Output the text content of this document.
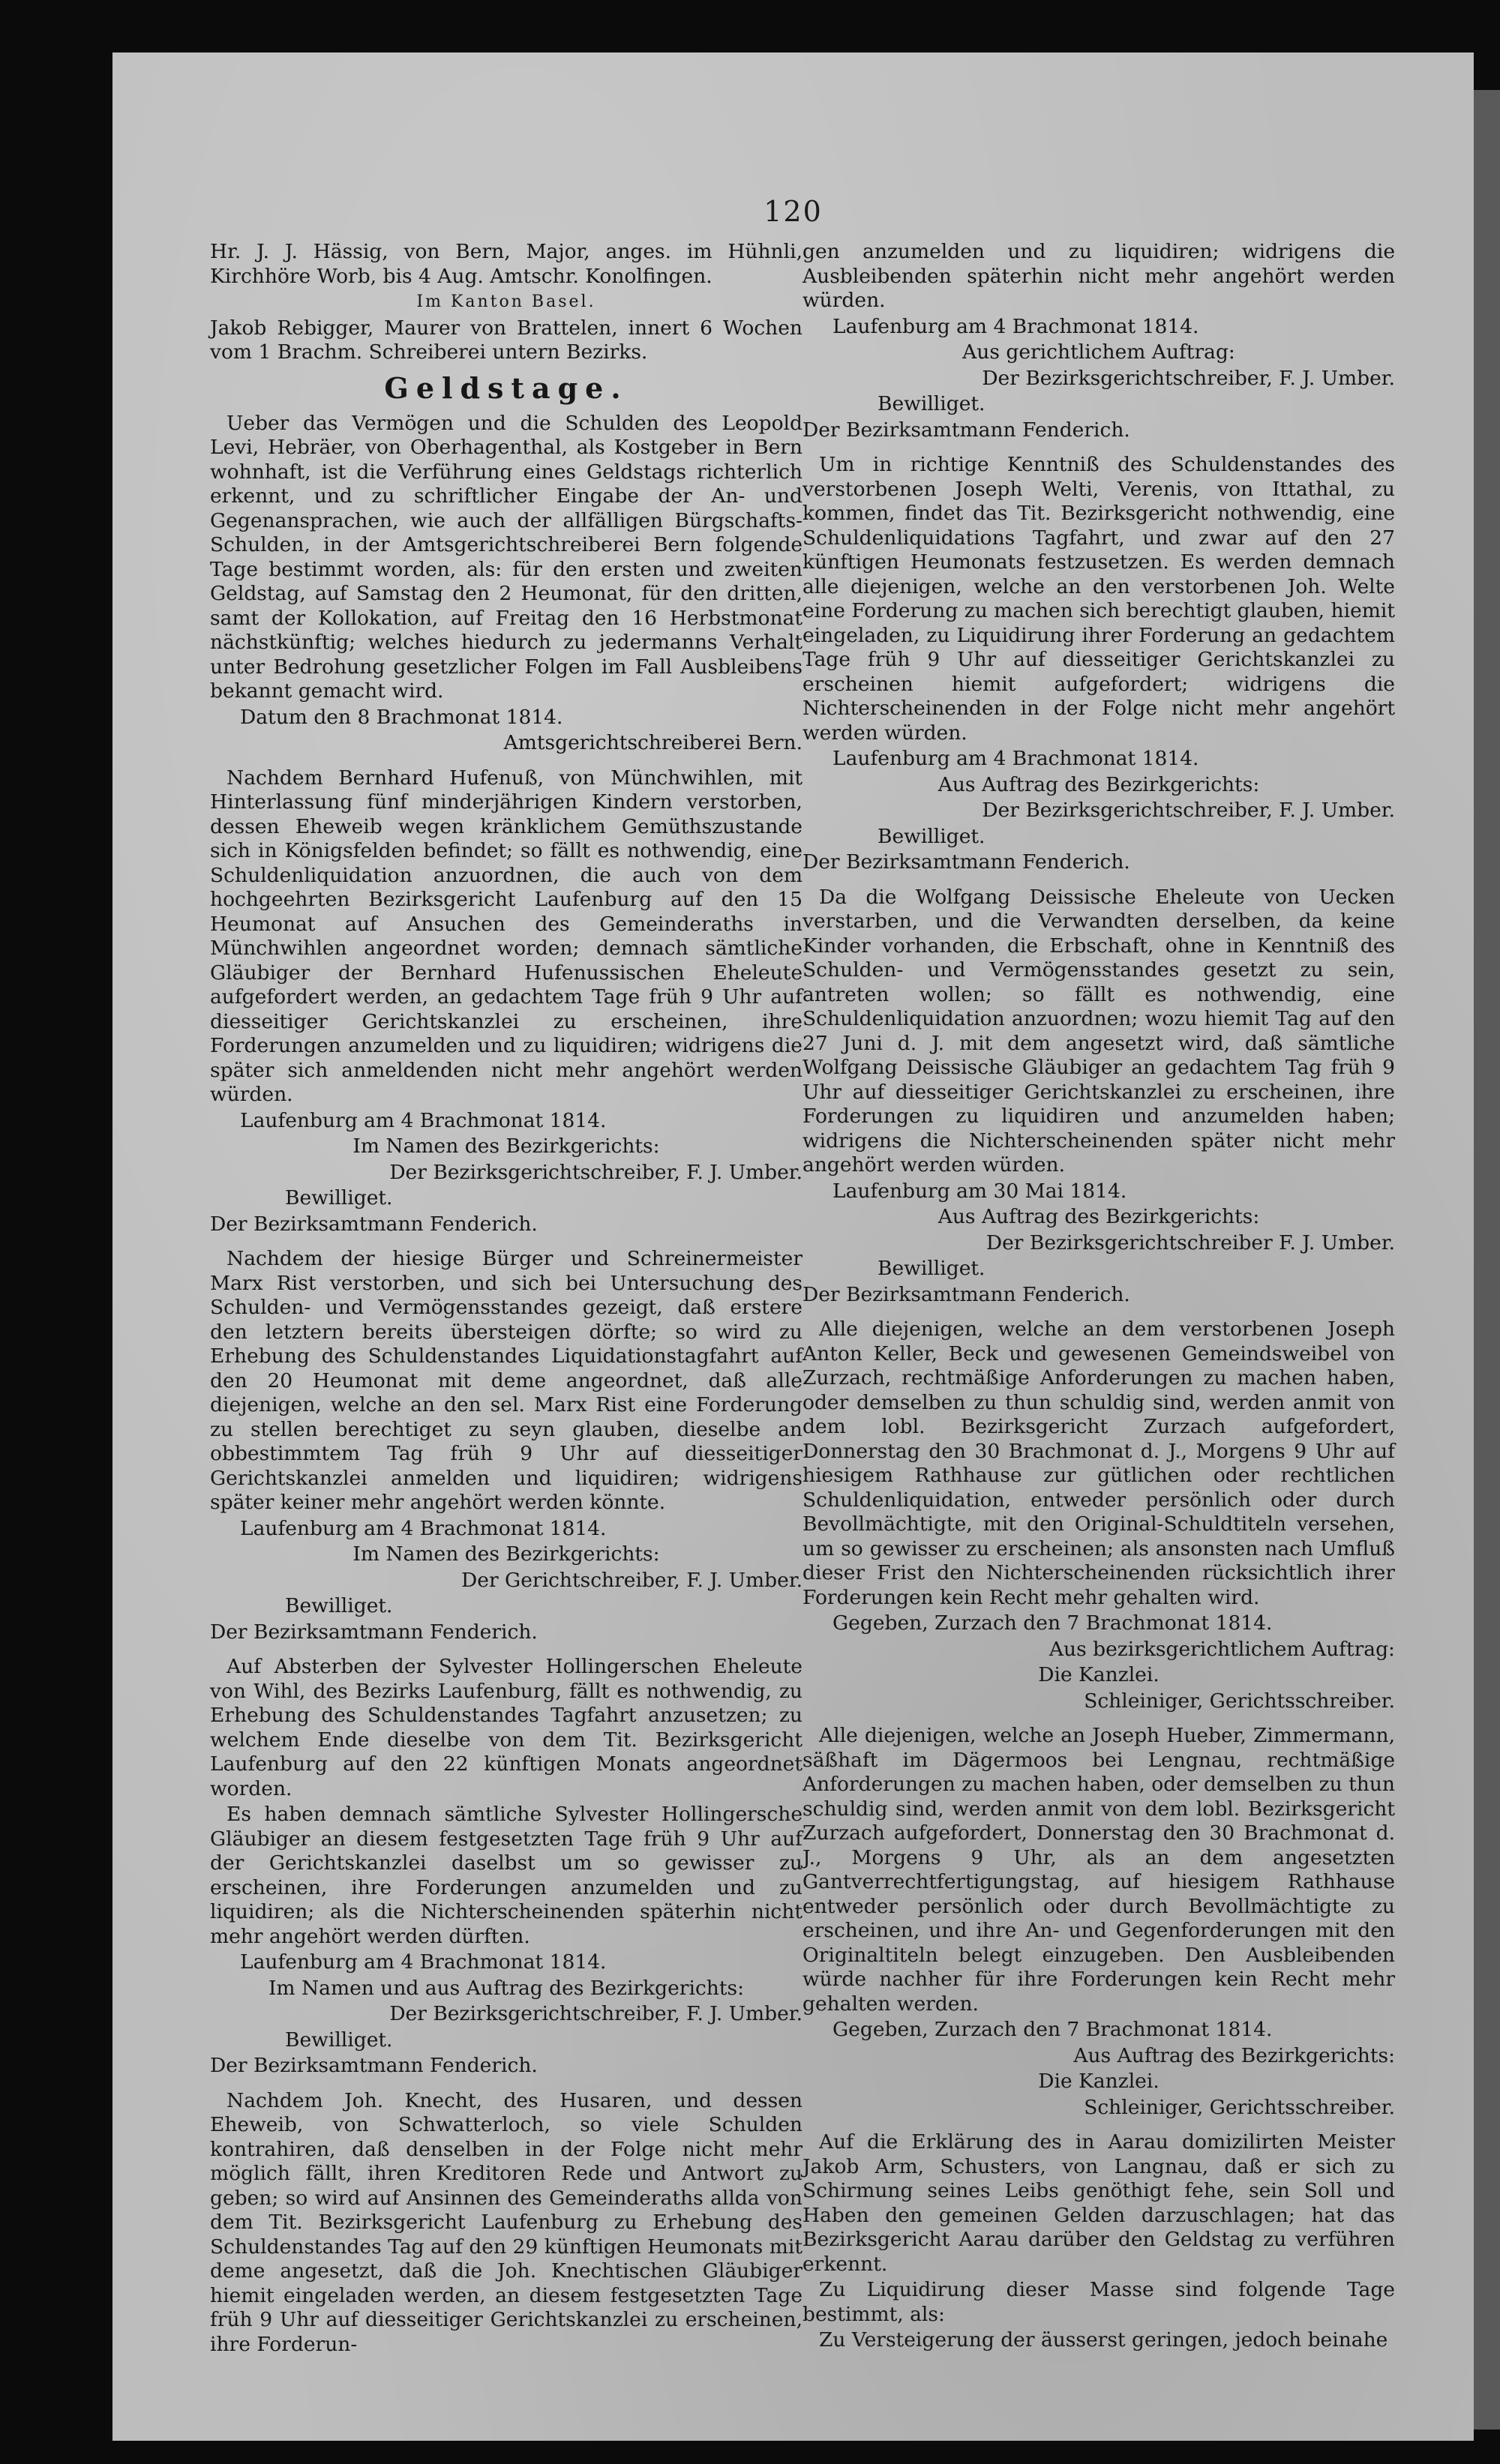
120

Hr. J. J. Hässig, von Bern, Major, anges. im Hühnli, Kirchhöre Worb, bis 4 Aug. Amtschr. Konolfingen.

Im Kanton Basel.

Jakob Rebigger, Maurer von Brattelen, innert 6 Wochen vom 1 Brachm. Schreiberei untern Bezirks.

Geldstage.

Ueber das Vermögen und die Schulden des Leopold Levi, Hebräer, von Oberhagenthal, als Kostgeber in Bern wohnhaft, ist die Verführung eines Geldstags richterlich erkennt, und zu schriftlicher Eingabe der An- und Gegenansprachen, wie auch der allfälligen Bürgschafts-Schulden, in der Amtsgerichtschreiberei Bern folgende Tage bestimmt worden, als: für den ersten und zweiten Geldstag, auf Samstag den 2 Heumonat, für den dritten, samt der Kollokation, auf Freitag den 16 Herbstmonat nächstkünftig; welches hiedurch zu jedermanns Verhalt unter Bedrohung gesetzlicher Folgen im Fall Ausbleibens bekannt gemacht wird.

Datum den 8 Brachmonat 1814.

Amtsgerichtschreiberei Bern.

Nachdem Bernhard Hufenuß, von Münchwihlen, mit Hinterlassung fünf minderjährigen Kindern verstorben, dessen Eheweib wegen kränklichem Gemüthszustande sich in Königsfelden befindet; so fällt es nothwendig, eine Schuldenliquidation anzuordnen, die auch von dem hochgeehrten Bezirksgericht Laufenburg auf den 15 Heumonat auf Ansuchen des Gemeinderaths in Münchwihlen angeordnet worden; demnach sämtliche Gläubiger der Bernhard Hufenussischen Eheleute aufgefordert werden, an gedachtem Tage früh 9 Uhr auf diesseitiger Gerichtskanzlei zu erscheinen, ihre Forderungen anzumelden und zu liquidiren; widrigens die später sich anmeldenden nicht mehr angehört werden würden.

Laufenburg am 4 Brachmonat 1814.

Im Namen des Bezirkgerichts:

Der Bezirksgerichtschreiber, F. J. Umber.

Bewilliget.

Der Bezirksamtmann Fenderich.

Nachdem der hiesige Bürger und Schreinermeister Marx Rist verstorben, und sich bei Untersuchung des Schulden- und Vermögensstandes gezeigt, daß erstere den letztern bereits übersteigen dörfte; so wird zu Erhebung des Schuldenstandes Liquidationstagfahrt auf den 20 Heumonat mit deme angeordnet, daß alle diejenigen, welche an den sel. Marx Rist eine Forderung zu stellen berechtiget zu seyn glauben, dieselbe an obbestimmtem Tag früh 9 Uhr auf diesseitiger Gerichtskanzlei anmelden und liquidiren; widrigens später keiner mehr angehört werden könnte.

Laufenburg am 4 Brachmonat 1814.

Im Namen des Bezirkgerichts:

Der Gerichtschreiber, F. J. Umber.

Bewilliget.

Der Bezirksamtmann Fenderich.

Auf Absterben der Sylvester Hollingerschen Eheleute von Wihl, des Bezirks Laufenburg, fällt es nothwendig, zu Erhebung des Schuldenstandes Tagfahrt anzusetzen; zu welchem Ende dieselbe von dem Tit. Bezirksgericht Laufenburg auf den 22 künftigen Monats angeordnet worden.

Es haben demnach sämtliche Sylvester Hollingersche Gläubiger an diesem festgesetzten Tage früh 9 Uhr auf der Gerichtskanzlei daselbst um so gewisser zu erscheinen, ihre Forderungen anzumelden und zu liquidiren; als die Nichterscheinenden späterhin nicht mehr angehört werden dürften.

Laufenburg am 4 Brachmonat 1814.

Im Namen und aus Auftrag des Bezirkgerichts:

Der Bezirksgerichtschreiber, F. J. Umber.

Bewilliget.

Der Bezirksamtmann Fenderich.

Nachdem Joh. Knecht, des Husaren, und dessen Eheweib, von Schwatterloch, so viele Schulden kontrahiren, daß denselben in der Folge nicht mehr möglich fällt, ihren Kreditoren Rede und Antwort zu geben; so wird auf Ansinnen des Gemeinderaths allda von dem Tit. Bezirksgericht Laufenburg zu Erhebung des Schuldenstandes Tag auf den 29 künftigen Heumonats mit deme angesetzt, daß die Joh. Knechtischen Gläubiger hiemit eingeladen werden, an diesem festgesetzten Tage früh 9 Uhr auf diesseitiger Gerichtskanzlei zu erscheinen, ihre Forderun-

gen anzumelden und zu liquidiren; widrigens die Ausbleibenden späterhin nicht mehr angehört werden würden.

Laufenburg am 4 Brachmonat 1814.

Aus gerichtlichem Auftrag:

Der Bezirksgerichtschreiber, F. J. Umber.

Bewilliget.

Der Bezirksamtmann Fenderich.

Um in richtige Kenntniß des Schuldenstandes des verstorbenen Joseph Welti, Verenis, von Ittathal, zu kommen, findet das Tit. Bezirksgericht nothwendig, eine Schuldenliquidations Tagfahrt, und zwar auf den 27 künftigen Heumonats festzusetzen. Es werden demnach alle diejenigen, welche an den verstorbenen Joh. Welte eine Forderung zu machen sich berechtigt glauben, hiemit eingeladen, zu Liquidirung ihrer Forderung an gedachtem Tage früh 9 Uhr auf diesseitiger Gerichtskanzlei zu erscheinen hiemit aufgefordert; widrigens die Nichterscheinenden in der Folge nicht mehr angehört werden würden.

Laufenburg am 4 Brachmonat 1814.

Aus Auftrag des Bezirkgerichts:

Der Bezirksgerichtschreiber, F. J. Umber.

Bewilliget.

Der Bezirksamtmann Fenderich.

Da die Wolfgang Deissische Eheleute von Uecken verstarben, und die Verwandten derselben, da keine Kinder vorhanden, die Erbschaft, ohne in Kenntniß des Schulden- und Vermögensstandes gesetzt zu sein, antreten wollen; so fällt es nothwendig, eine Schuldenliquidation anzuordnen; wozu hiemit Tag auf den 27 Juni d. J. mit dem angesetzt wird, daß sämtliche Wolfgang Deissische Gläubiger an gedachtem Tag früh 9 Uhr auf diesseitiger Gerichtskanzlei zu erscheinen, ihre Forderungen zu liquidiren und anzumelden haben; widrigens die Nichterscheinenden später nicht mehr angehört werden würden.

Laufenburg am 30 Mai 1814.

Aus Auftrag des Bezirkgerichts:

Der Bezirksgerichtschreiber F. J. Umber.

Bewilliget.

Der Bezirksamtmann Fenderich.

Alle diejenigen, welche an dem verstorbenen Joseph Anton Keller, Beck und gewesenen Gemeindsweibel von Zurzach, rechtmäßige Anforderungen zu machen haben, oder demselben zu thun schuldig sind, werden anmit von dem lobl. Bezirksgericht Zurzach aufgefordert, Donnerstag den 30 Brachmonat d. J., Morgens 9 Uhr auf hiesigem Rathhause zur gütlichen oder rechtlichen Schuldenliquidation, entweder persönlich oder durch Bevollmächtigte, mit den Original-Schuldtiteln versehen, um so gewisser zu erscheinen; als ansonsten nach Umfluß dieser Frist den Nichterscheinenden rücksichtlich ihrer Forderungen kein Recht mehr gehalten wird.

Gegeben, Zurzach den 7 Brachmonat 1814.

Aus bezirksgerichtlichem Auftrag:

Die Kanzlei.

Schleiniger, Gerichtsschreiber.

Alle diejenigen, welche an Joseph Hueber, Zimmermann, säßhaft im Dägermoos bei Lengnau, rechtmäßige Anforderungen zu machen haben, oder demselben zu thun schuldig sind, werden anmit von dem lobl. Bezirksgericht Zurzach aufgefordert, Donnerstag den 30 Brachmonat d. J., Morgens 9 Uhr, als an dem angesetzten Gantverrechtfertigungstag, auf hiesigem Rathhause entweder persönlich oder durch Bevollmächtigte zu erscheinen, und ihre An- und Gegenforderungen mit den Originaltiteln belegt einzugeben. Den Ausbleibenden würde nachher für ihre Forderungen kein Recht mehr gehalten werden.

Gegeben, Zurzach den 7 Brachmonat 1814.

Aus Auftrag des Bezirkgerichts:

Die Kanzlei.

Schleiniger, Gerichtsschreiber.

Auf die Erklärung des in Aarau domizilirten Meister Jakob Arm, Schusters, von Langnau, daß er sich zu Schirmung seines Leibs genöthigt fehe, sein Soll und Haben den gemeinen Gelden darzuschlagen; hat das Bezirksgericht Aarau darüber den Geldstag zu verführen erkennt.

Zu Liquidirung dieser Masse sind folgende Tage bestimmt, als:

Zu Versteigerung der äusserst geringen, jedoch beinahe
